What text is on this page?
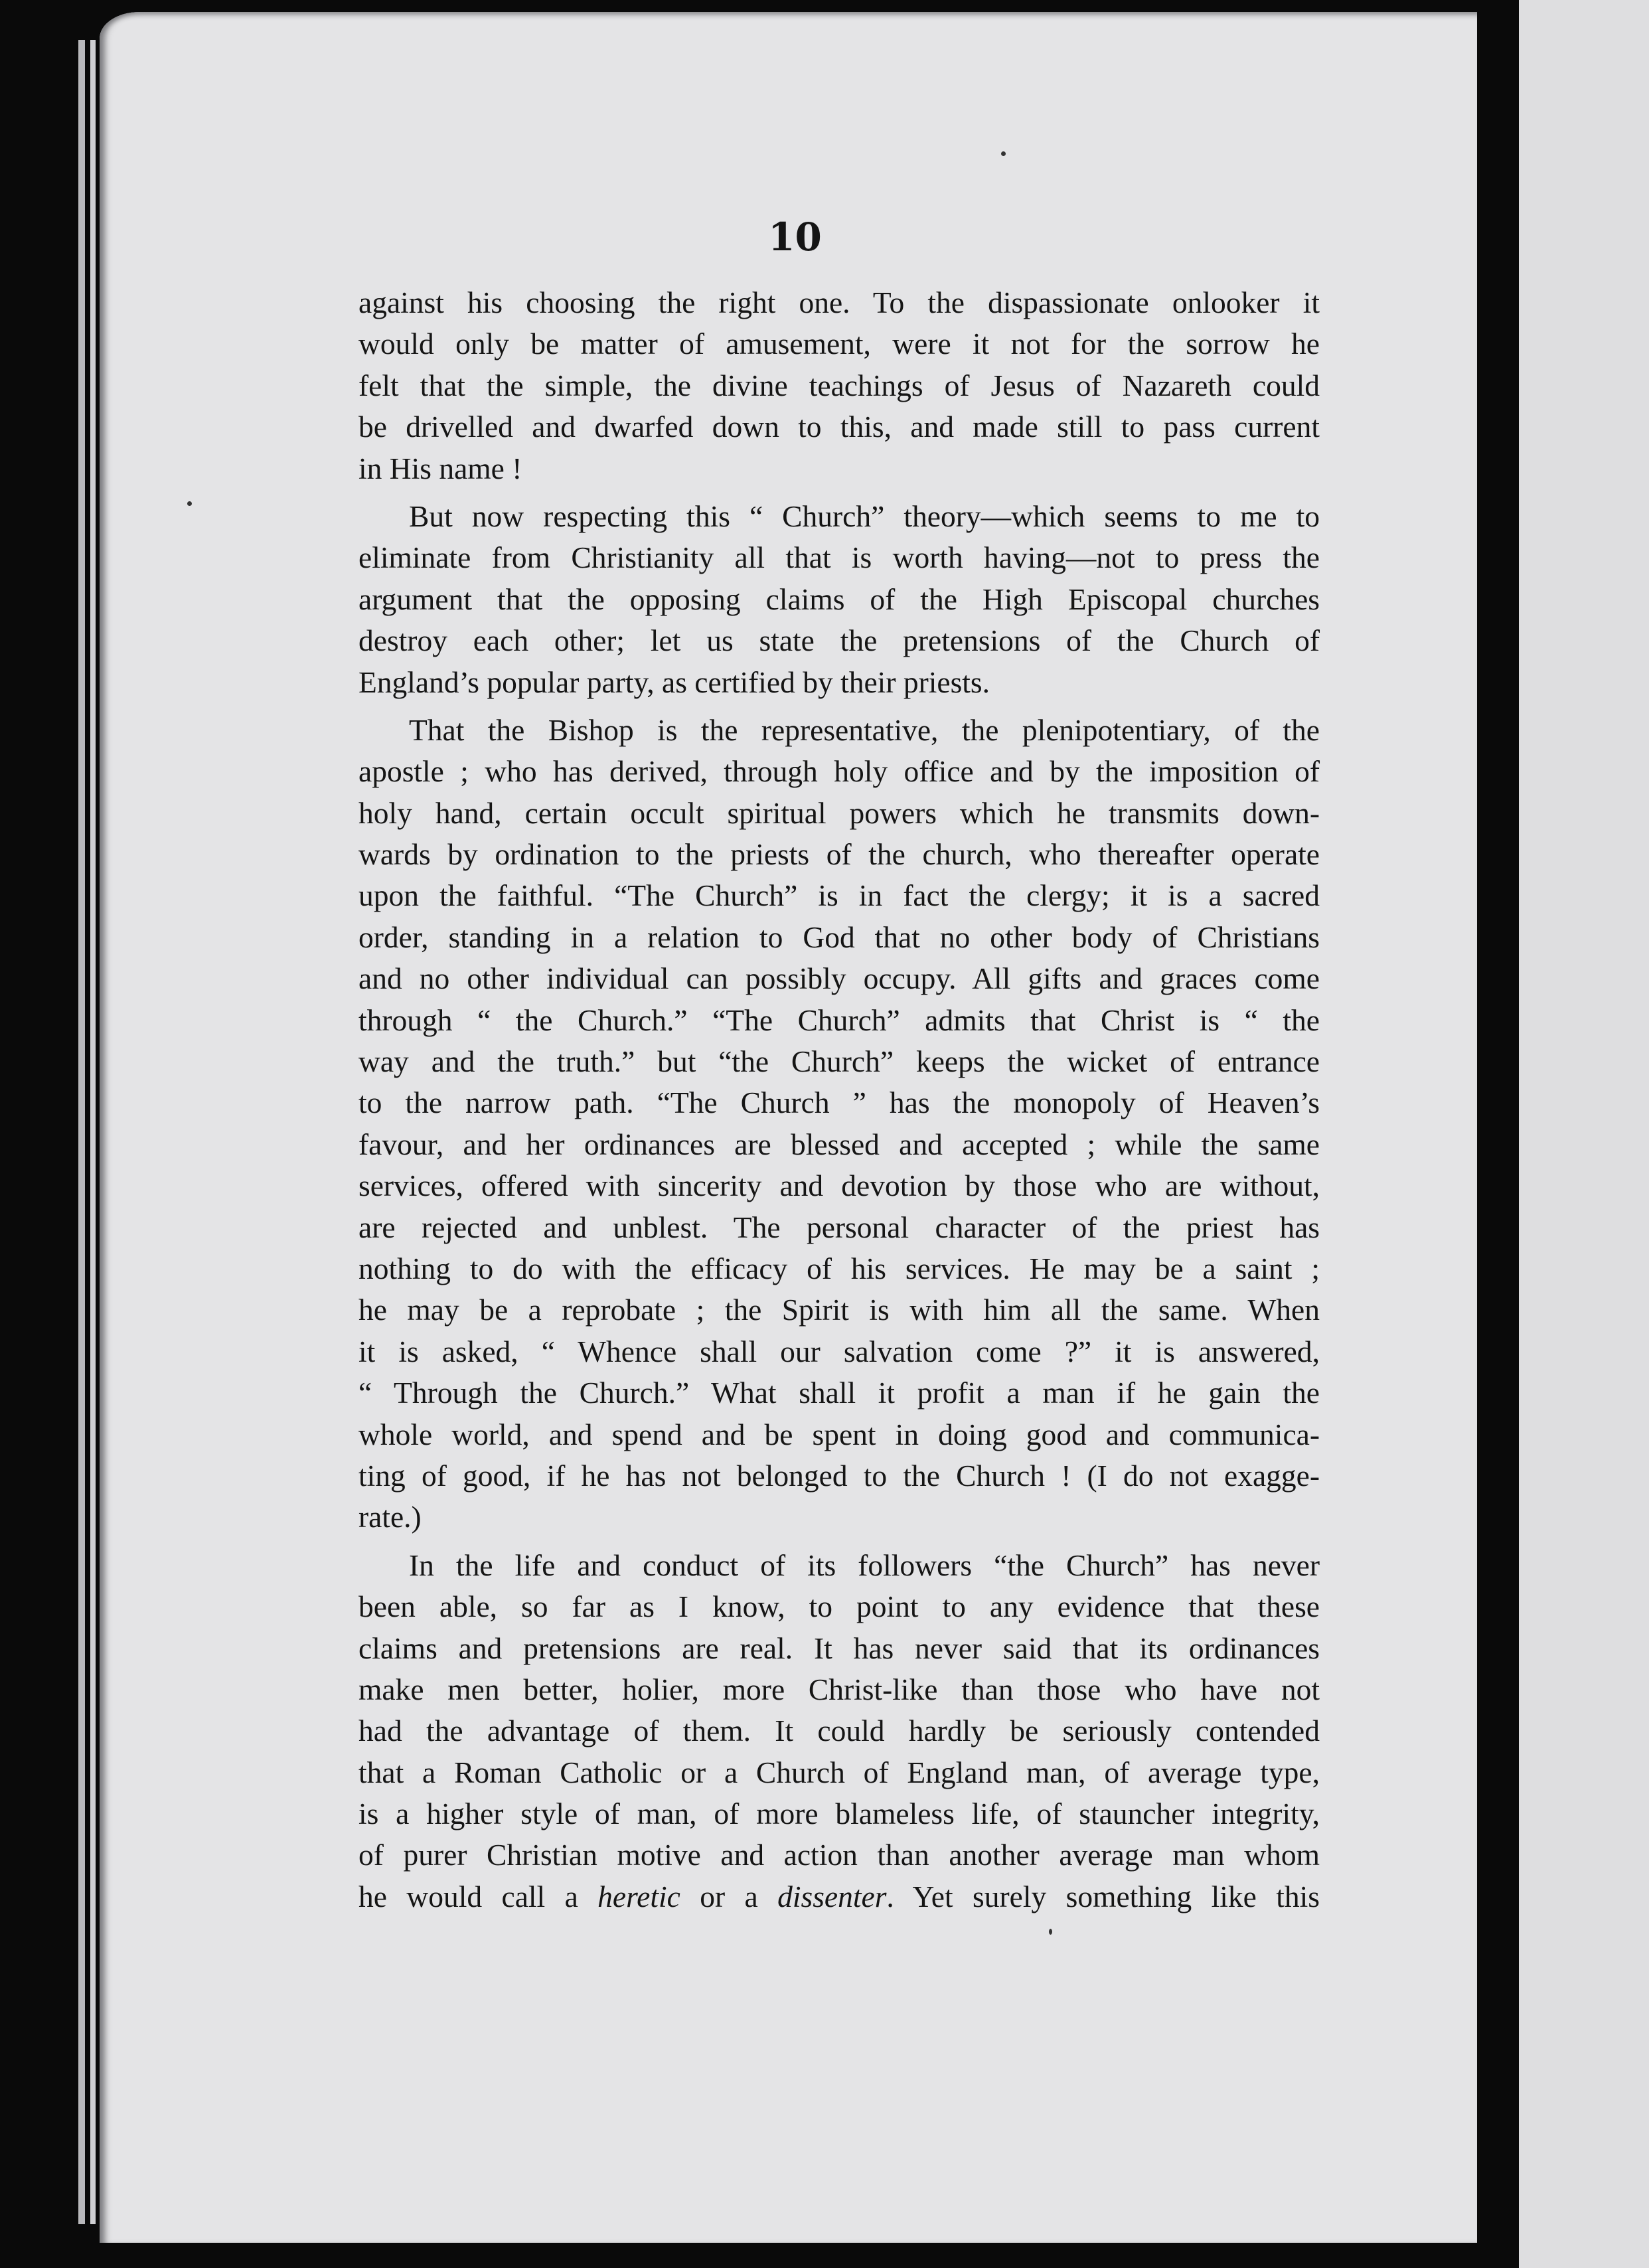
10

against his choosing the right one. To the dispassionate onlooker it
would only be matter of amusement, were it not for the sorrow he
felt that the simple, the divine teachings of Jesus of Nazareth could
be drivelled and dwarfed down to this, and made still to pass current
in His name !

But now respecting this “ Church” theory—which seems to me to
eliminate from Christianity all that is worth having—not to press the
argument that the opposing claims of the High Episcopal churches
destroy each other; let us state the pretensions of the Church of
England’s popular party, as certified by their priests.

That the Bishop is the representative, the plenipotentiary, of the
apostle ; who has derived, through holy office and by the imposition of
holy hand, certain occult spiritual powers which he transmits down-
wards by ordination to the priests of the church, who thereafter operate
upon the faithful. “The Church” is in fact the clergy; it is a sacred
order, standing in a relation to God that no other body of Christians
and no other individual can possibly occupy. All gifts and graces come
through “ the Church.” “The Church” admits that Christ is “ the
way and the truth.” but “the Church” keeps the wicket of entrance
to the narrow path. “The Church ” has the monopoly of Heaven’s
favour, and her ordinances are blessed and accepted ; while the same
services, offered with sincerity and devotion by those who are without,
are rejected and unblest. The personal character of the priest has
nothing to do with the efficacy of his services. He may be a saint ;
he may be a reprobate ; the Spirit is with him all the same. When
it is asked, “ Whence shall our salvation come ?” it is answered,
“ Through the Church.” What shall it profit a man if he gain the
whole world, and spend and be spent in doing good and communica-
ting of good, if he has not belonged to the Church ! (I do not exagge-
rate.)

In the life and conduct of its followers “the Church” has never
been able, so far as I know, to point to any evidence that these
claims and pretensions are real. It has never said that its ordinances
make men better, holier, more Christ-like than those who have not
had the advantage of them. It could hardly be seriously contended
that a Roman Catholic or a Church of England man, of average type,
is a higher style of man, of more blameless life, of stauncher integrity,
of purer Christian motive and action than another average man whom
he would call a heretic or a dissenter. Yet surely something like this
